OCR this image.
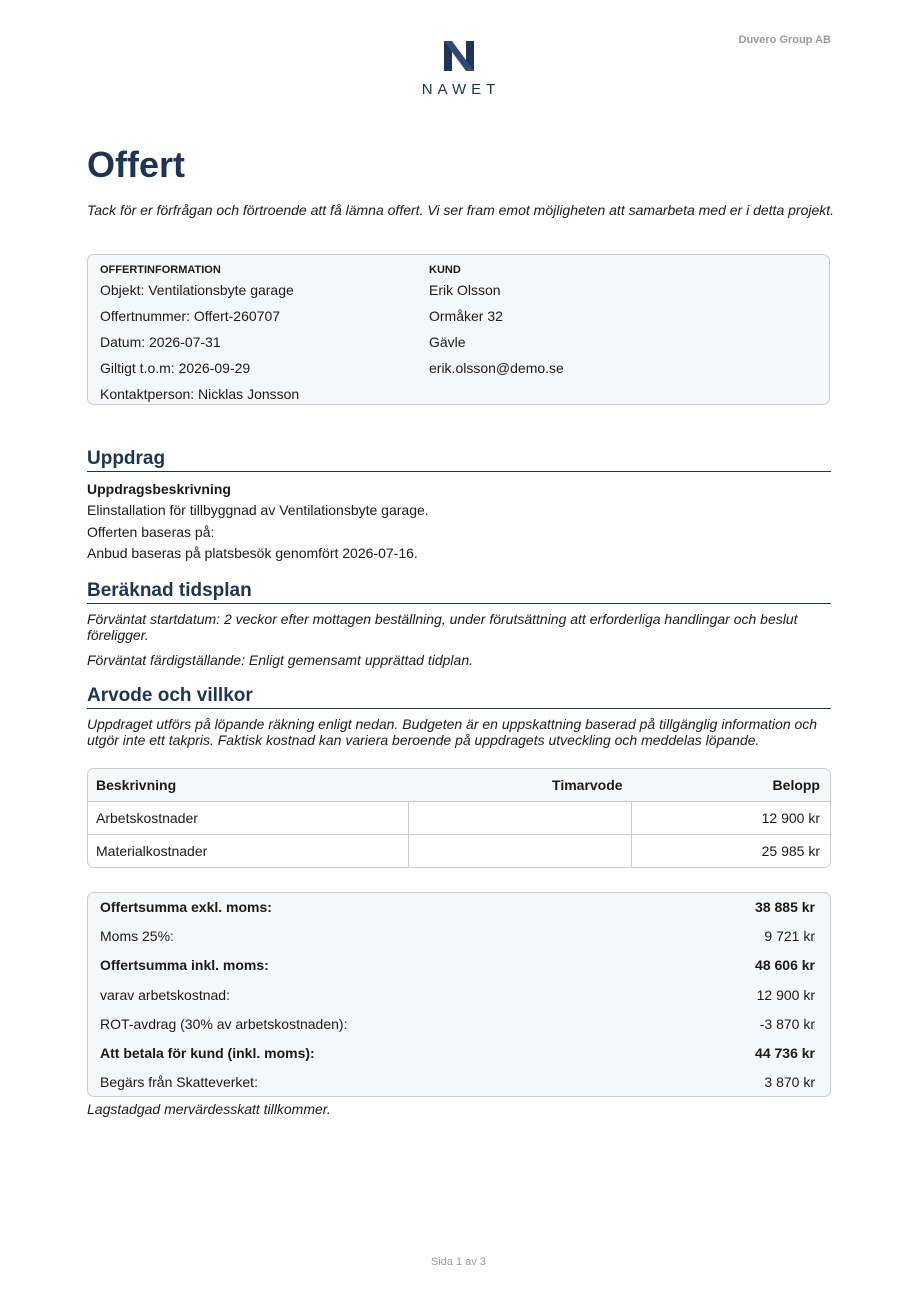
Duvero Group AB
NAWET
Offert

Tack för er förfrågan och förtroende att få lämna offert. Vi ser fram emot möjligheten att samarbeta med er i detta projekt.

OFFERTINFORMATION
Objekt: Ventilationsbyte garage
Offertnummer: Offert-260707
Datum: 2026-07-31
Giltigt t.o.m: 2026-09-29
Kontaktperson: Nicklas Jonsson
KUND
Erik Olsson
Ormåker 32
Gävle
erik.olsson@demo.se
Uppdrag

Uppdragsbeskrivning

Elinstallation för tillbyggnad av Ventilationsbyte garage.

Offerten baseras på:

Anbud baseras på platsbesök genomfört 2026-07-16.

Beräknad tidsplan

Förväntat startdatum: 2 veckor efter mottagen beställning, under förutsättning att erforderliga handlingar och beslut föreligger.

Förväntat färdigställande: Enligt gemensamt upprättad tidplan.

Arvode och villkor

Uppdraget utförs på löpande räkning enligt nedan. Budgeten är en uppskattning baserad på tillgänglig information och utgör inte ett takpris. Faktisk kostnad kan variera beroende på uppdragets utveckling och meddelas löpande.

Beskrivning	Timarvode	Belopp
Arbetskostnader		12 900 kr
Materialkostnader		25 985 kr
Offertsumma exkl. moms:	38 885 kr
Moms 25%:	9 721 kr
Offertsumma inkl. moms:	48 606 kr
varav arbetskostnad:	12 900 kr
ROT-avdrag (30% av arbetskostnaden):	-3 870 kr
Att betala för kund (inkl. moms):	44 736 kr
Begärs från Skatteverket:	3 870 kr

Lagstadgad mervärdesskatt tillkommer.

Sida 1 av 3
